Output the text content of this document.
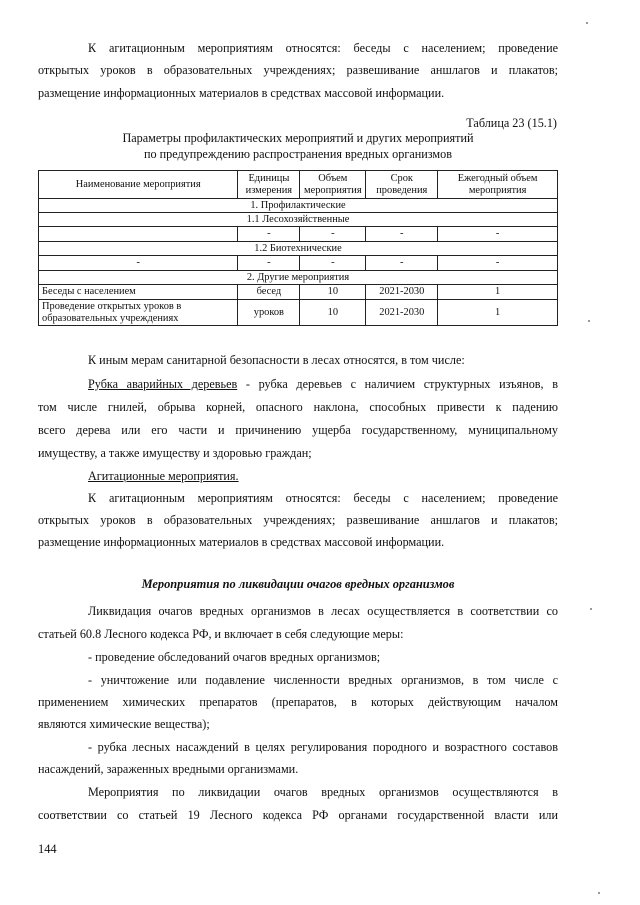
К агитационным мероприятиям относятся: беседы с населением; проведение

открытых уроков в образовательных учреждениях; развешивание аншлагов и плакатов;

размещение информационных материалов в средствах массовой информации.

Таблица 23 (15.1)

Параметры профилактических мероприятий и других мероприятий

по предупреждению распространения вредных организмов

Наименование мероприятия	Единицы измерения	Объем мероприятия	Срок проведения	Ежегодный объем мероприятия
1. Профилактические				
1.1 Лесохозяйственные				
	-	-	-	-
1.2 Биотехнические				
-	-	-	-	-
2. Другие мероприятия				
Беседы с населением	бесед	10	2021-2030	1
Проведение открытых уроков в образовательных учреждениях	уроков	10	2021-2030	1

К иным мерам санитарной безопасности в лесах относятся, в том числе:

Рубка аварийных деревьев - рубка деревьев с наличием структурных изъянов, в

том числе гнилей, обрыва корней, опасного наклона, способных привести к падению

всего дерева или его части и причинению ущерба государственному, муниципальному

имуществу, а также имуществу и здоровью граждан;

Агитационные мероприятия.

К агитационным мероприятиям относятся: беседы с населением; проведение

открытых уроков в образовательных учреждениях; развешивание аншлагов и плакатов;

размещение информационных материалов в средствах массовой информации.

Мероприятия по ликвидации очагов вредных организмов

Ликвидация очагов вредных организмов в лесах осуществляется в соответствии со

статьей 60.8 Лесного кодекса РФ, и включает в себя следующие меры:

- проведение обследований очагов вредных организмов;

- уничтожение или подавление численности вредных организмов, в том числе с

применением химических препаратов (препаратов, в которых действующим началом

являются химические вещества);

- рубка лесных насаждений в целях регулирования породного и возрастного составов

насаждений, зараженных вредными организмами.

Мероприятия по ликвидации очагов вредных организмов осуществляются в

соответствии со статьей 19 Лесного кодекса РФ органами государственной власти или

144
